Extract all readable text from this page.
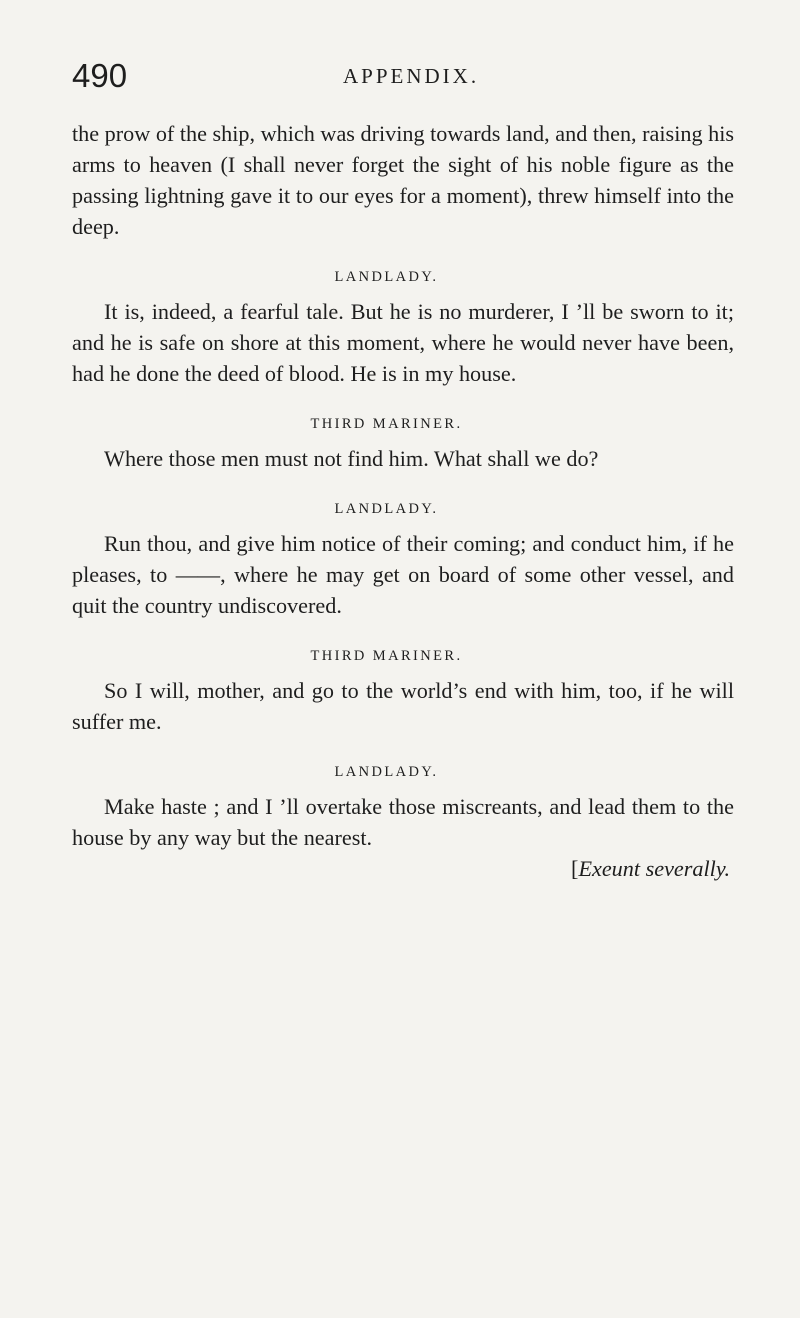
490	APPENDIX.

the prow of the ship, which was driving towards land, and then, raising his arms to heaven (I shall never forget the sight of his noble figure as the passing lightning gave it to our eyes for a moment), threw himself into the deep.

LANDLADY.

It is, indeed, a fearful tale. But he is no murderer, I ’ll be sworn to it; and he is safe on shore at this moment, where he would never have been, had he done the deed of blood. He is in my house.

THIRD MARINER.

Where those men must not find him. What shall we do?

LANDLADY.

Run thou, and give him notice of their coming; and conduct him, if he pleases, to ——, where he may get on board of some other vessel, and quit the country undiscovered.

THIRD MARINER.

So I will, mother, and go to the world’s end with him, too, if he will suffer me.

LANDLADY.

Make haste ; and I ’ll overtake those miscreants, and lead them to the house by any way but the nearest.

[Exeunt severally.
